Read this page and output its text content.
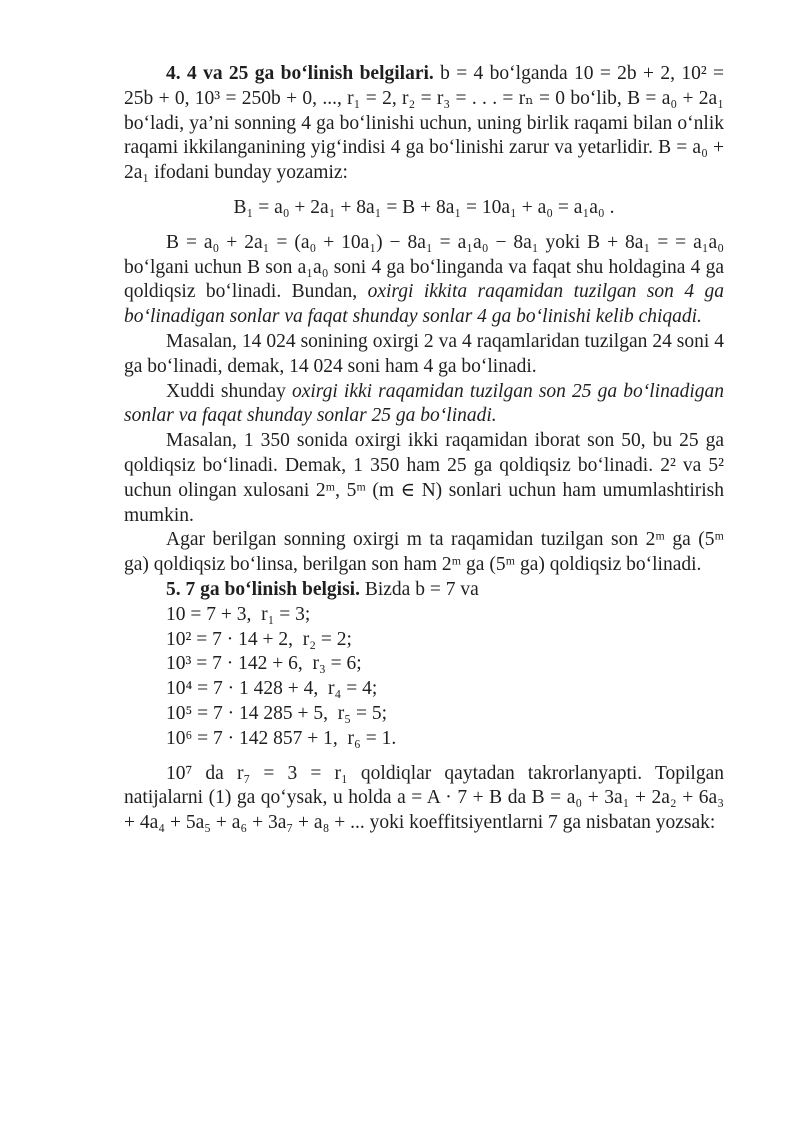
4. 4 va 25 ga bo‘linish belgilari. b = 4 bo‘lganda 10 = 2b + 2, 10² = 25b + 0, 10³ = 250b + 0, ..., r₁ = 2, r₂ = r₃ = . . . = rₙ = 0 bo‘lib, B = a₀ + 2a₁ bo‘ladi, ya’ni sonning 4 ga bo‘linishi uchun, uning birlik raqami bilan o‘nlik raqami ikkilanganining yig‘indisi 4 ga bo‘linishi zarur va yetarlidir. B = a₀ + 2a₁ ifodani bunday yozamiz:

B₁ = a₀ + 2a₁ + 8a₁ = B + 8a₁ = 10a₁ + a₀ = a₁a₀ .

B = a₀ + 2a₁ = (a₀ + 10a₁) − 8a₁ = a₁a₀ − 8a₁ yoki B + 8a₁ = = a₁a₀ bo‘lgani uchun B son a₁a₀ soni 4 ga bo‘linganda va faqat shu holdagina 4 ga qoldiqsiz bo‘linadi. Bundan, oxirgi ikkita raqamidan tuzilgan son 4 ga bo‘linadigan sonlar va faqat shunday sonlar 4 ga bo‘linishi kelib chiqadi.

Masalan, 14 024 sonining oxirgi 2 va 4 raqamlaridan tuzilgan 24 soni 4 ga bo‘linadi, demak, 14 024 soni ham 4 ga bo‘linadi.

Xuddi shunday oxirgi ikki raqamidan tuzilgan son 25 ga bo‘linadigan sonlar va faqat shunday sonlar 25 ga bo‘linadi.

Masalan, 1 350 sonida oxirgi ikki raqamidan iborat son 50, bu 25 ga qoldiqsiz bo‘linadi. Demak, 1 350 ham 25 ga qoldiqsiz bo‘linadi. 2² va 5² uchun olingan xulosani 2ᵐ, 5ᵐ (m ∈ N) sonlari uchun ham umumlashtirish mumkin.

Agar berilgan sonning oxirgi m ta raqamidan tuzilgan son 2ᵐ ga (5ᵐ ga) qoldiqsiz bo‘linsa, berilgan son ham 2ᵐ ga (5ᵐ ga) qoldiqsiz bo‘linadi.

5. 7 ga bo‘linish belgisi. Bizda b = 7 va

10 = 7 + 3,  r₁ = 3;

10² = 7 · 14 + 2,  r₂ = 2;

10³ = 7 · 142 + 6,  r₃ = 6;

10⁴ = 7 · 1 428 + 4,  r₄ = 4;

10⁵ = 7 · 14 285 + 5,  r₅ = 5;

10⁶ = 7 · 142 857 + 1,  r₆ = 1.

10⁷ da r₇ = 3 = r₁ qoldiqlar qaytadan takrorlanyapti. Topilgan natijalarni (1) ga qo‘ysak, u holda a = A · 7 + B da B = a₀ + 3a₁ + 2a₂ + 6a₃ + 4a₄ + 5a₅ + a₆ + 3a₇ + a₈ + ... yoki koeffitsiyentlarni 7 ga nisbatan yozsak:
